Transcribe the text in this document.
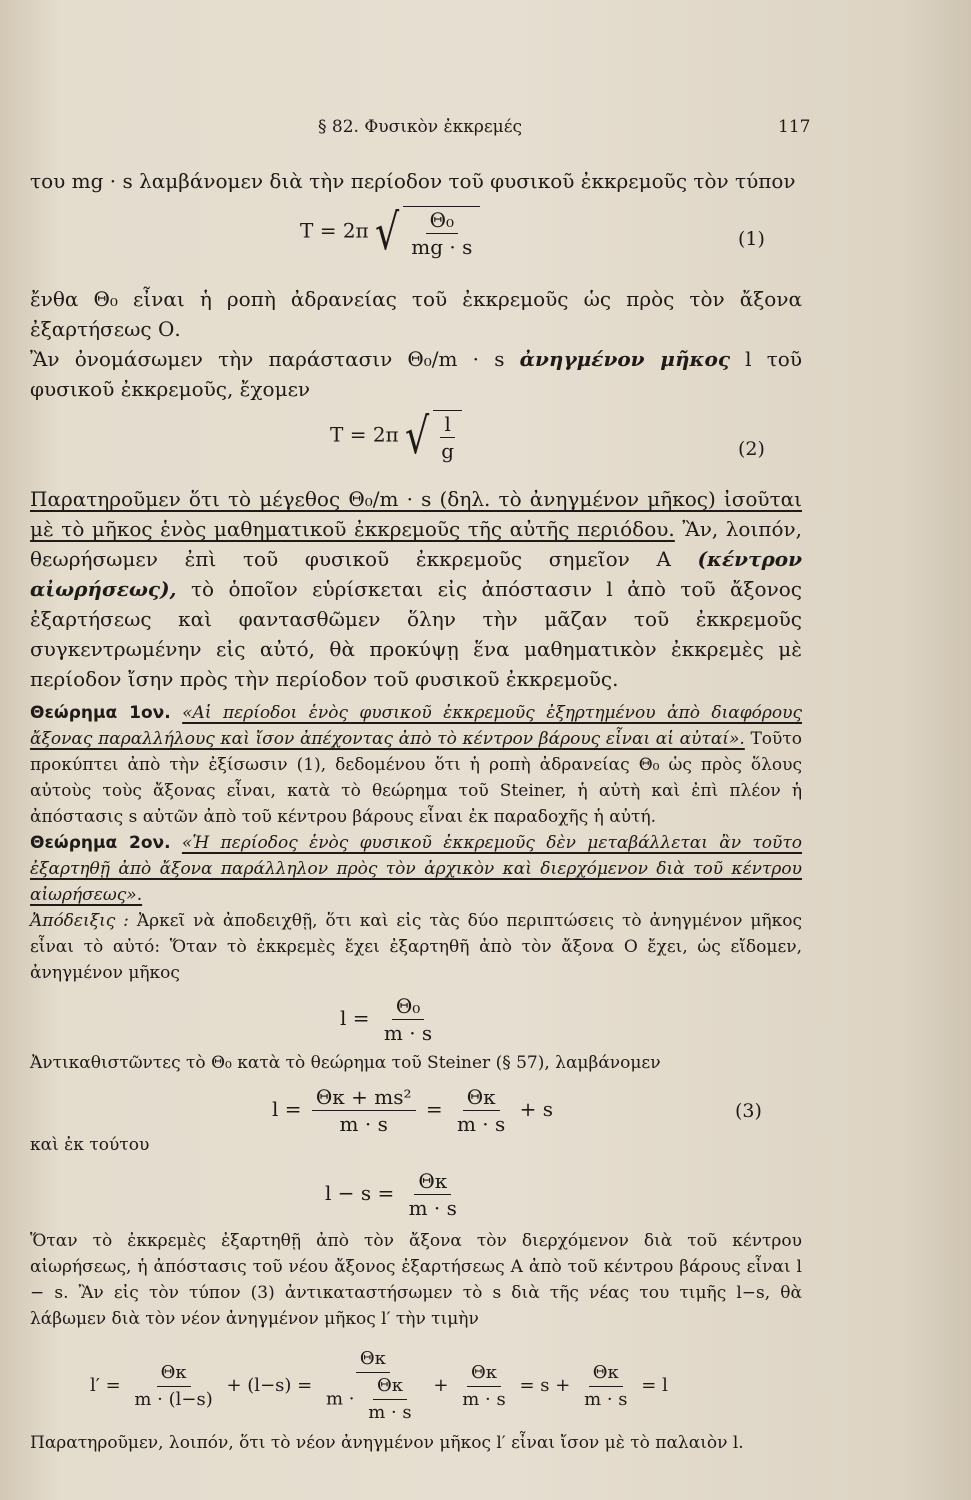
§ 82. Φυσικὸν ἐκκρεμές	117
του mg · s λαμβάνομεν διὰ τὴν περίοδον τοῦ φυσικοῦ ἐκκρεμοῦς τὸν τύπον
T = 2π √ $\frac{\text{Θ₀}}{mg \cdot s}$	(1)
ἔνθα Θ₀ εἶναι ἡ ροπὴ ἀδρανείας τοῦ ἐκκρεμοῦς ὡς πρὸς τὸν ἄξονα ἐξαρτήσεως Ο.
Ἂν ὀνομάσωμεν τὴν παράστασιν Θ₀/m · s ἀνηγμένον μῆκος l τοῦ φυσικοῦ ἐκκρεμοῦς, ἔχομεν
T = 2π √ $\frac{l}{g}$	(2)
Παρατηροῦμεν ὅτι τὸ μέγεθος Θ₀/m · s (δηλ. τὸ ἀνηγμένον μῆκος) ἰσοῦται μὲ τὸ μῆκος ἑνὸς μαθηματικοῦ ἐκκρεμοῦς τῆς αὐτῆς περιόδου. Ἂν, λοιπόν, θεωρήσωμεν ἐπὶ τοῦ φυσικοῦ ἐκκρεμοῦς σημεῖον Α (κέντρον αἰωρήσεως), τὸ ὁποῖον εὑρίσκεται εἰς ἀπόστασιν l ἀπὸ τοῦ ἄξονος ἐξαρτήσεως καὶ φαντασθῶμεν ὅλην τὴν μᾶζαν τοῦ ἐκκρεμοῦς συγκεντρωμένην εἰς αὐτό, θὰ προκύψῃ ἕνα μαθηματικὸν ἐκκρεμὲς μὲ περίοδον ἴσην πρὸς τὴν περίοδον τοῦ φυσικοῦ ἐκκρεμοῦς.
Θεώρημα 1ον. «Αἱ περίοδοι ἑνὸς φυσικοῦ ἐκκρεμοῦς ἐξηρτημένου ἀπὸ διαφόρους ἄξονας παραλλήλους καὶ ἴσον ἀπέχοντας ἀπὸ τὸ κέντρον βάρους εἶναι αἱ αὐταί». Τοῦτο προκύπτει ἀπὸ τὴν ἐξίσωσιν (1), δεδομένου ὅτι ἡ ροπὴ ἀδρανείας Θ₀ ὡς πρὸς ὅλους αὐτοὺς τοὺς ἄξονας εἶναι, κατὰ τὸ θεώρημα τοῦ Steiner, ἡ αὐτὴ καὶ ἐπὶ πλέον ἡ ἀπόστασις s αὐτῶν ἀπὸ τοῦ κέντρου βάρους εἶναι ἐκ παραδοχῆς ἡ αὐτή.
Θεώρημα 2ον. «Ἡ περίοδος ἑνὸς φυσικοῦ ἐκκρεμοῦς δὲν μεταβάλλεται ἂν τοῦτο ἐξαρτηθῇ ἀπὸ ἄξονα παράλληλον πρὸς τὸν ἀρχικὸν καὶ διερχόμενον διὰ τοῦ κέντρου αἰωρήσεως».
Ἀπόδειξις : Ἀρκεῖ νὰ ἀποδειχθῇ, ὅτι καὶ εἰς τὰς δύο περιπτώσεις τὸ ἀνηγμένον μῆκος εἶναι τὸ αὐτό: Ὅταν τὸ ἐκκρεμὲς ἔχει ἐξαρτηθῆ ἀπὸ τὸν ἄξονα Ο ἔχει, ὡς εἴδομεν, ἀνηγμένον μῆκος
$l = \frac{\text{Θ₀}}{m \cdot s}$
Ἀντικαθιστῶντες τὸ Θ₀ κατὰ τὸ θεώρημα τοῦ Steiner (§ 57), λαμβάνομεν
$l = \frac{\text{Θκ + ms²}}{m \cdot s} = \frac{\Theta\kappa}{m \cdot s} + s$	(3)
καὶ ἐκ τούτου
$l - s = \frac{\Theta\kappa}{m \cdot s}$
Ὅταν τὸ ἐκκρεμὲς ἐξαρτηθῇ ἀπὸ τὸν ἄξονα τὸν διερχόμενον διὰ τοῦ κέντρου αἰωρήσεως, ἡ ἀπόστασις τοῦ νέου ἄξονος ἐξαρτήσεως Α ἀπὸ τοῦ κέντρου βάρους εἶναι l − s. Ἂν εἰς τὸν τύπον (3) ἀντικαταστήσωμεν τὸ s διὰ τῆς νέας του τιμῆς l−s, θὰ λάβωμεν διὰ τὸν νέον ἀνηγμένον μῆκος l′ τὴν τιμὴν
$l' = \frac{\Theta\kappa}{m \cdot (l-s)} + (l-s) = \frac{\Theta\kappa}{m \cdot \frac{\Theta\kappa}{m \cdot s}} + \frac{\Theta\kappa}{m \cdot s} = s + \frac{\Theta\kappa}{m \cdot s} = l$
Παρατηροῦμεν, λοιπόν, ὅτι τὸ νέον ἀνηγμένον μῆκος l′ εἶναι ἴσον μὲ τὸ παλαιὸν l.
